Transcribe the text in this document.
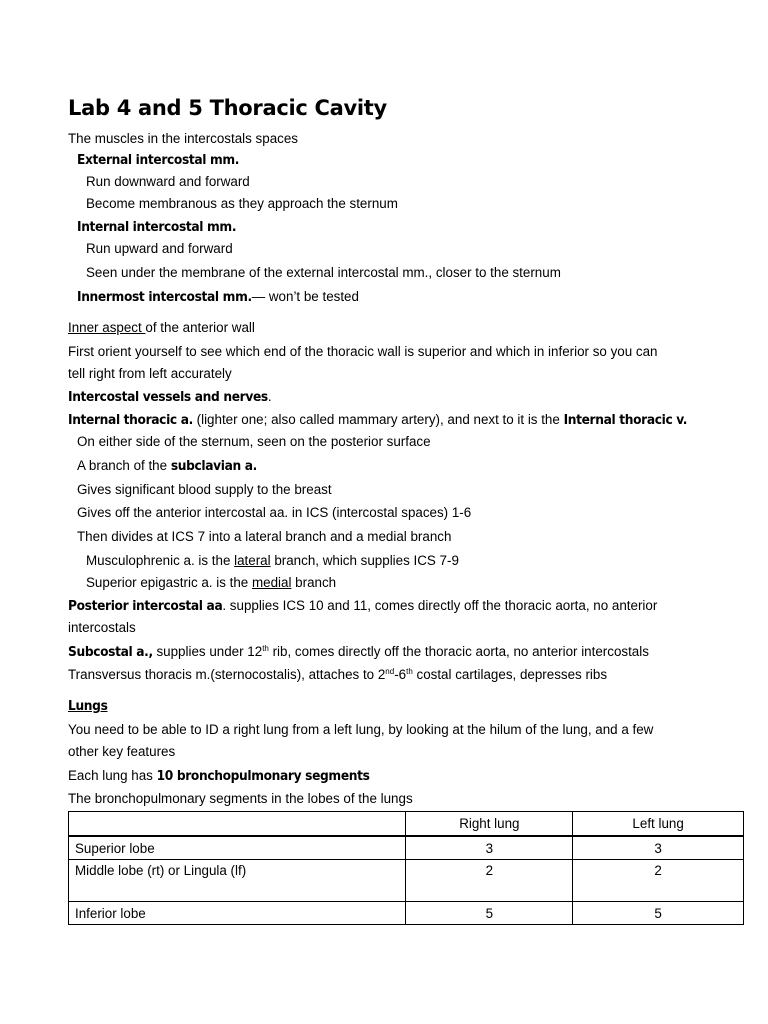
Lab 4 and 5 Thoracic Cavity
The muscles in the intercostals spaces
External intercostal mm.
Run downward and forward
Become membranous as they approach the sternum
Internal intercostal mm.
Run upward and forward
Seen under the membrane of the external intercostal mm., closer to the sternum
Innermost intercostal mm.— won’t be tested
Inner aspect of the anterior wall
First orient yourself to see which end of the thoracic wall is superior and which in inferior so you can
tell right from left accurately
Intercostal vessels and nerves.
Internal thoracic a. (lighter one; also called mammary artery), and next to it is the Internal thoracic v.
On either side of the sternum, seen on the posterior surface
A branch of the subclavian a.
Gives significant blood supply to the breast
Gives off the anterior intercostal aa. in ICS (intercostal spaces) 1-6
Then divides at ICS 7 into a lateral branch and a medial branch
Musculophrenic a. is the lateral branch, which supplies ICS 7-9
Superior epigastric a. is the medial branch
Posterior intercostal aa. supplies ICS 10 and 11, comes directly off the thoracic aorta, no anterior
intercostals
Subcostal a., supplies under 12th rib, comes directly off the thoracic aorta, no anterior intercostals
Transversus thoracis m.(sternocostalis), attaches to 2nd-6th costal cartilages, depresses ribs
Lungs
You need to be able to ID a right lung from a left lung, by looking at the hilum of the lung, and a few
other key features
Each lung has 10 bronchopulmonary segments
The bronchopulmonary segments in the lobes of the lungs
	Right lung	Left lung
Superior lobe	3	3
Middle lobe (rt) or Lingula (lf)	2	2
Inferior lobe	5	5
